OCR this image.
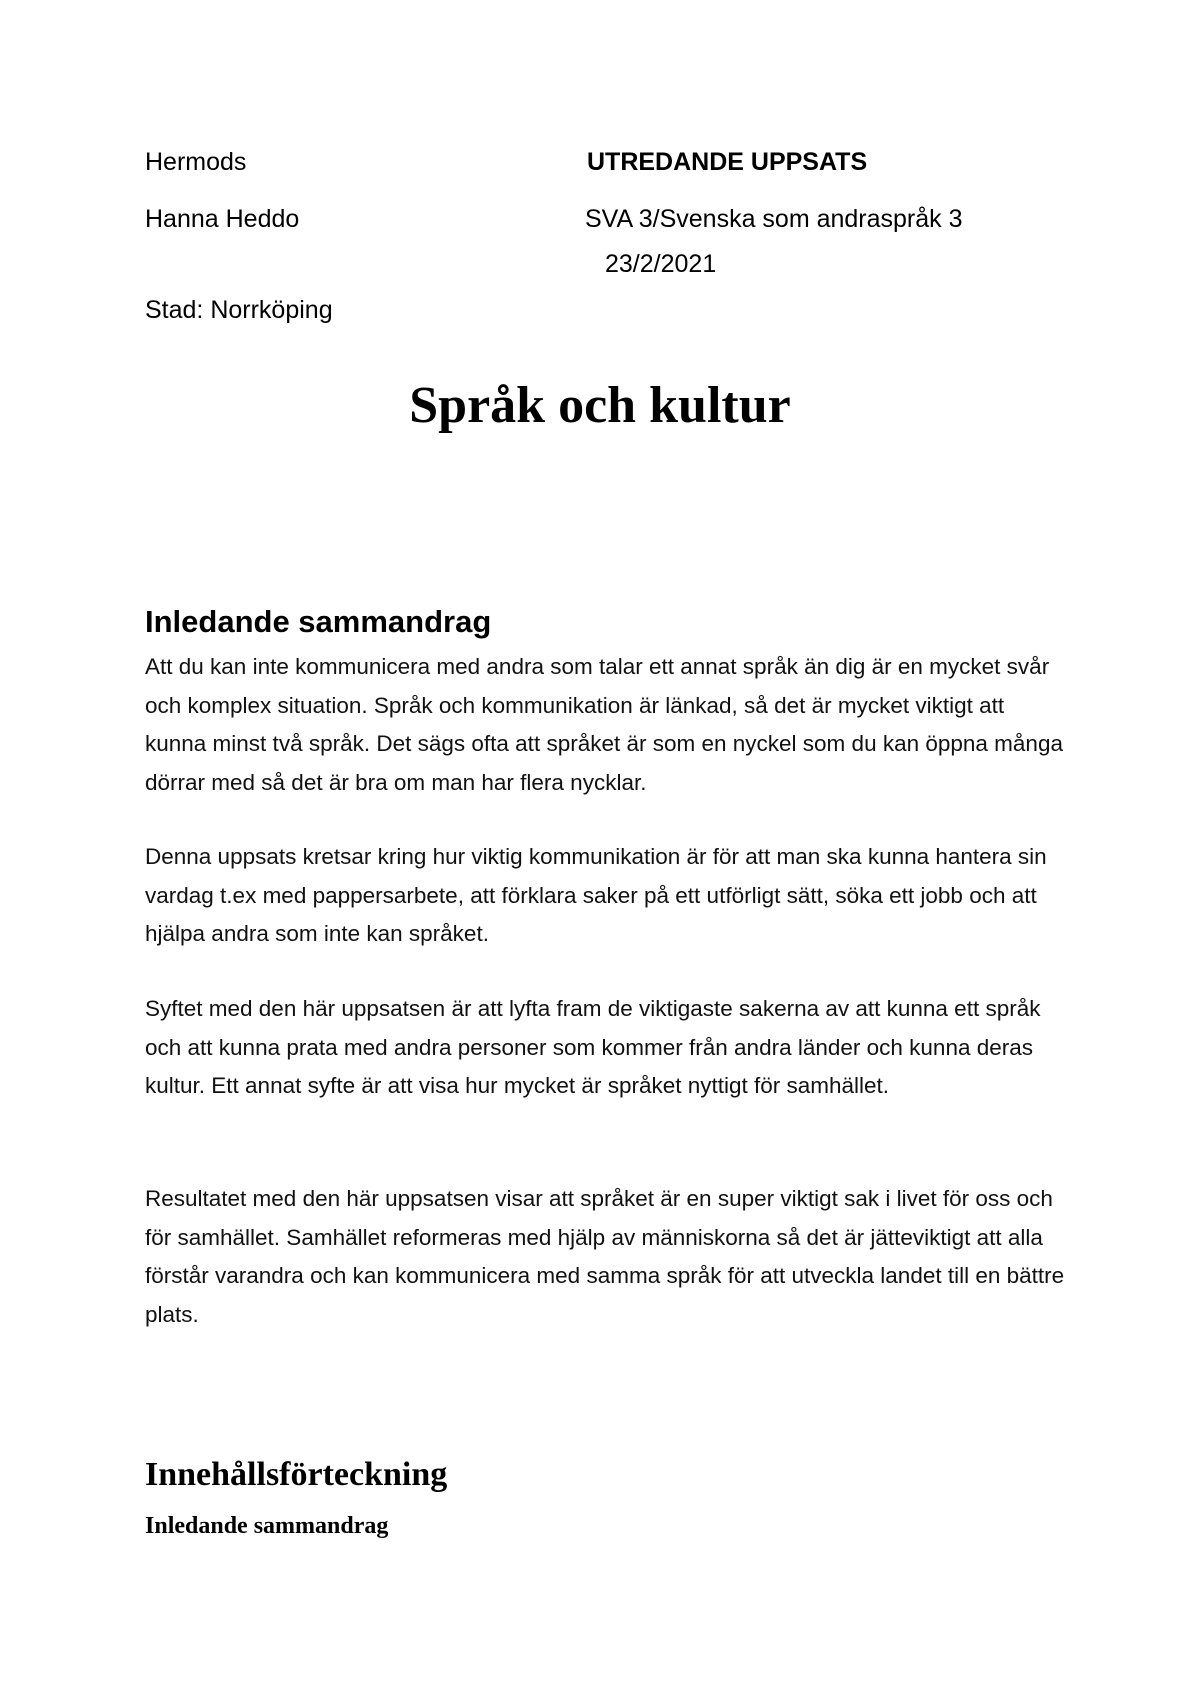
Hermods

Hanna Heddo

Stad: Norrköping

UTREDANDE UPPSATS

SVA 3/Svenska som andraspråk 3

23/2/2021

Språk och kultur
Inledande sammandrag

Att du kan inte kommunicera med andra som talar ett annat språk än dig är en mycket svår och komplex situation. Språk och kommunikation är länkad, så det är mycket viktigt att kunna minst två språk. Det sägs ofta att språket är som en nyckel som du kan öppna många dörrar med så det är bra om man har flera nycklar.

Denna uppsats kretsar kring hur viktig kommunikation är för att man ska kunna hantera sin vardag t.ex med pappersarbete, att förklara saker på ett utförligt sätt, söka ett jobb och att hjälpa andra som inte kan språket.

Syftet med den här uppsatsen är att lyfta fram de viktigaste sakerna av att kunna ett språk och att kunna prata med andra personer som kommer från andra länder och kunna deras kultur. Ett annat syfte är att visa hur mycket är språket nyttigt för samhället.

Resultatet med den här uppsatsen visar att språket är en super viktigt sak i livet för oss och för samhället. Samhället reformeras med hjälp av människorna så det är jätteviktigt att alla förstår varandra och kan kommunicera med samma språk för att utveckla landet till en bättre plats.

Innehållsförteckning

Inledande sammandrag
